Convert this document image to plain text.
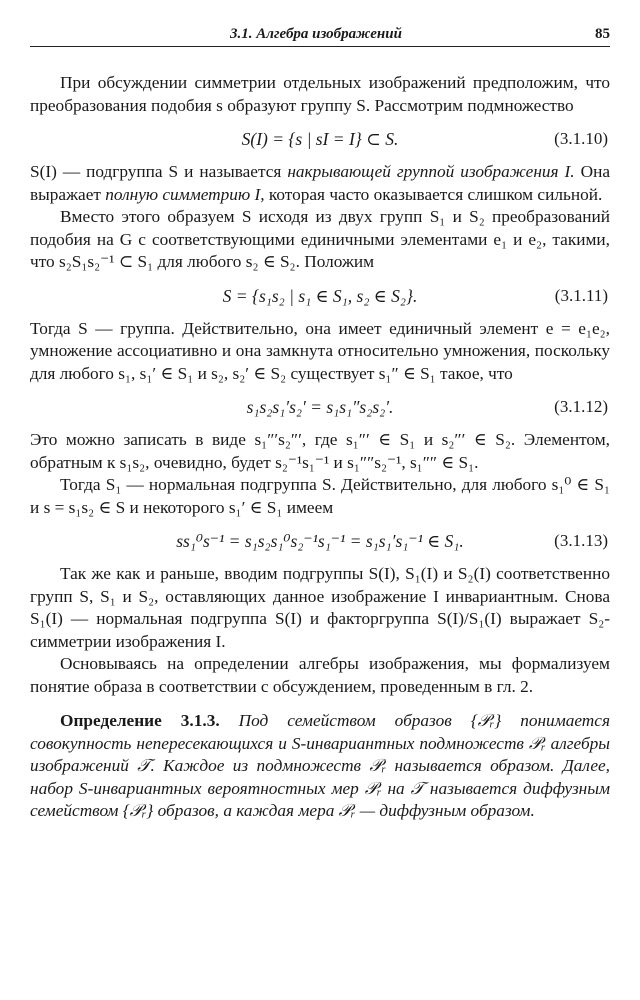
3.1. Алгебра изображений	85

При обсуждении симметрии отдельных изображений предположим, что преобразования подобия s образуют группу S. Рассмотрим подмножество

S(I) = {s | sI = I} ⊂ S.	(3.1.10)

S(I) — подгруппа S и называется накрывающей группой изображения I. Она выражает полную симметрию I, которая часто оказывается слишком сильной.

Вместо этого образуем S исходя из двух групп S₁ и S₂ преобразований подобия на G с соответствующими единичными элементами e₁ и e₂, такими, что s₂S₁s₂⁻¹ ⊂ S₁ для любого s₂ ∈ S₂. Положим

S = {s₁s₂ | s₁ ∈ S₁, s₂ ∈ S₂}.	(3.1.11)

Тогда S — группа. Действительно, она имеет единичный элемент e = e₁e₂, умножение ассоциативно и она замкнута относительно умножения, поскольку для любого s₁, s₁′ ∈ S₁ и s₂, s₂′ ∈ S₂ существует s₁″ ∈ S₁ такое, что

s₁s₂s₁′s₂′ = s₁s₁″s₂s₂′.	(3.1.12)

Это можно записать в виде s₁″′s₂″′, где s₁″′ ∈ S₁ и s₂″′ ∈ S₂. Элементом, обратным к s₁s₂, очевидно, будет s₂⁻¹s₁⁻¹ и s₁″″s₂⁻¹, s₁″″ ∈ S₁.

Тогда S₁ — нормальная подгруппа S. Действительно, для любого s₁⁰ ∈ S₁ и s = s₁s₂ ∈ S и некоторого s₁′ ∈ S₁ имеем

ss₁⁰s⁻¹ = s₁s₂s₁⁰s₂⁻¹s₁⁻¹ = s₁s₁′s₁⁻¹ ∈ S₁.	(3.1.13)

Так же как и раньше, вводим подгруппы S(I), S₁(I) и S₂(I) соответственно групп S, S₁ и S₂, оставляющих данное изображение I инвариантным. Снова S₁(I) — нормальная подгруппа S(I) и факторгруппа S(I)/S₁(I) выражает S₂-симметрии изображения I.

Основываясь на определении алгебры изображения, мы формализуем понятие образа в соответствии с обсуждением, проведенным в гл. 2.

Определение 3.1.3. Под семейством образов {𝒫ᵣ} понимается совокупность непересекающихся и S-инвариантных подмножеств 𝒫ᵣ алгебры изображений 𝒯. Каждое из подмножеств 𝒫ᵣ называется образом. Далее, набор S-инвариантных вероятностных мер 𝒫ᵣ на 𝒯 называется диффузным семейством {𝒫ᵣ} образов, а каждая мера 𝒫ᵣ — диффузным образом.
